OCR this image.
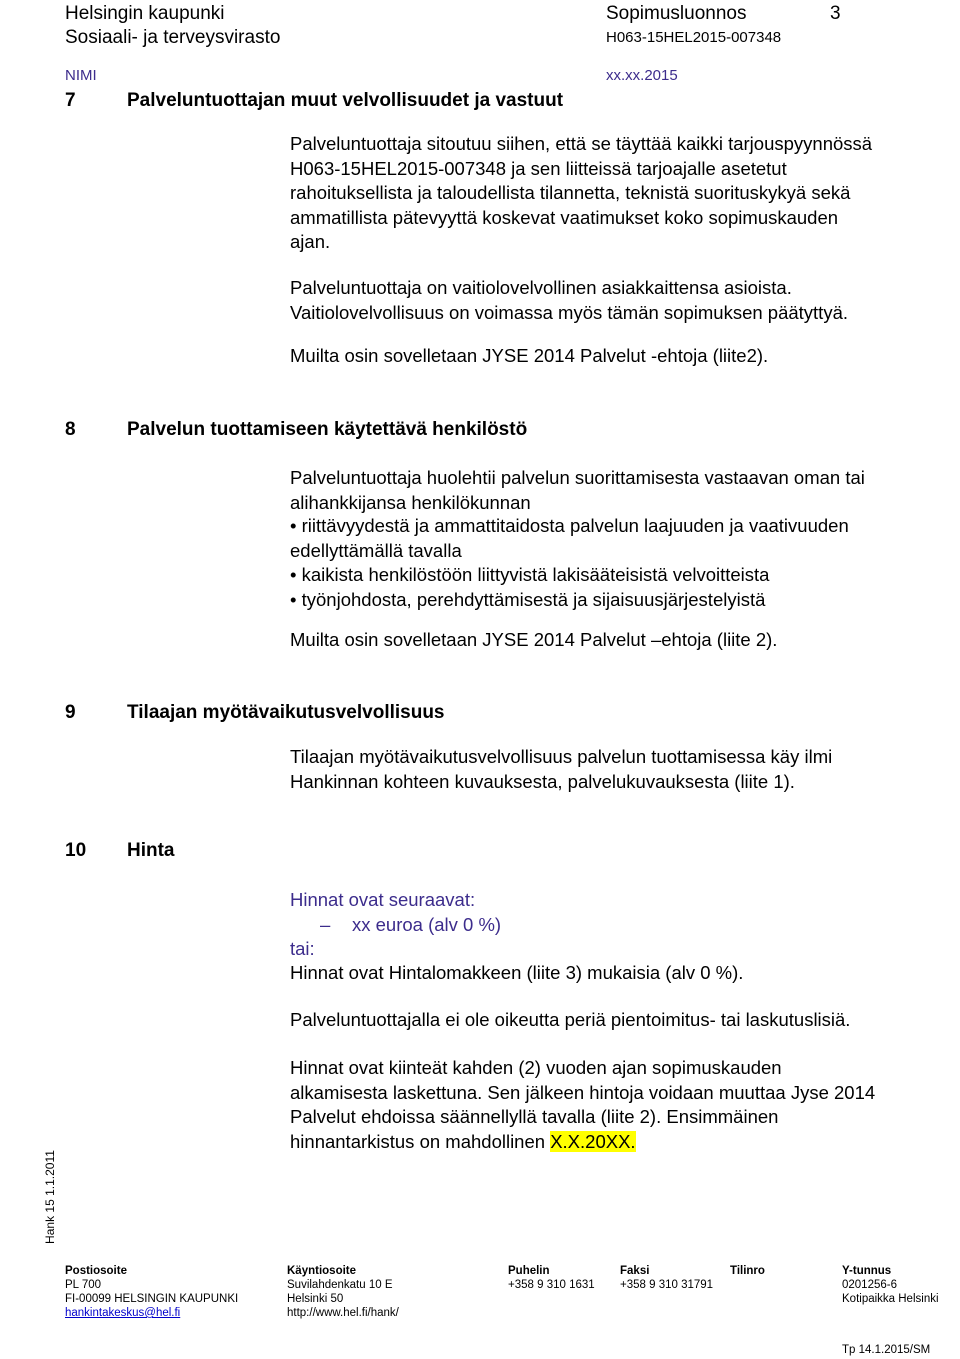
Helsingin kaupunki
Sosiaali- ja terveysvirasto
Sopimusluonnos	3
H063-15HEL2015-007348
NIMI	xx.xx.2015
7	Palveluntuottajan muut velvollisuudet ja vastuut
Palveluntuottaja sitoutuu siihen, että se täyttää kaikki tarjouspyynnössä
H063-15HEL2015-007348 ja sen liitteissä tarjoajalle asetetut
rahoituksellista ja taloudellista tilannetta, teknistä suorituskykyä sekä
ammatillista pätevyyttä koskevat vaatimukset koko sopimuskauden
ajan.
Palveluntuottaja on vaitiolovelvollinen asiakkaittensa asioista.
Vaitiolovelvollisuus on voimassa myös tämän sopimuksen päätyttyä.
Muilta osin sovelletaan JYSE 2014 Palvelut -ehtoja (liite2).
8	Palvelun tuottamiseen käytettävä henkilöstö
Palveluntuottaja huolehtii palvelun suorittamisesta vastaavan oman tai
alihankkijansa henkilökunnan
• riittävyydestä ja ammattitaidosta palvelun laajuuden ja vaativuuden
edellyttämällä tavalla
• kaikista henkilöstöön liittyvistä lakisääteisistä velvoitteista
• työnjohdosta, perehdyttämisestä ja sijaisuusjärjestelyistä
Muilta osin sovelletaan JYSE 2014 Palvelut –ehtoja (liite 2).
9	Tilaajan myötävaikutusvelvollisuus
Tilaajan myötävaikutusvelvollisuus palvelun tuottamisessa käy ilmi
Hankinnan kohteen kuvauksesta, palvelukuvauksesta (liite 1).
10 Hinta
Hinnat ovat seuraavat:
– xx euroa (alv 0 %)
tai:
Hinnat ovat Hintalomakkeen (liite 3) mukaisia (alv 0 %).
Palveluntuottajalla ei ole oikeutta periä pientoimitus- tai laskutuslisiä.
Hinnat ovat kiinteät kahden (2) vuoden ajan sopimuskauden
alkamisesta laskettuna. Sen jälkeen hintoja voidaan muuttaa Jyse 2014
Palvelut ehdoissa säännellyllä tavalla (liite 2). Ensimmäinen
hinnantarkistus on mahdollinen X.X.20XX.
Hank 15 1.1.2011
Postiosoite
PL 700
FI-00099 HELSINGIN KAUPUNKI
hankintakeskus@hel.fi
Käyntiosoite
Suvilahdenkatu 10 E
Helsinki 50
http://www.hel.fi/hank/
Puhelin
+358 9 310 1631
Faksi
+358 9 310 31791
Tilinro	Y-tunnus
0201256-6
Kotipaikka Helsinki
Tp 14.1.2015/SM
